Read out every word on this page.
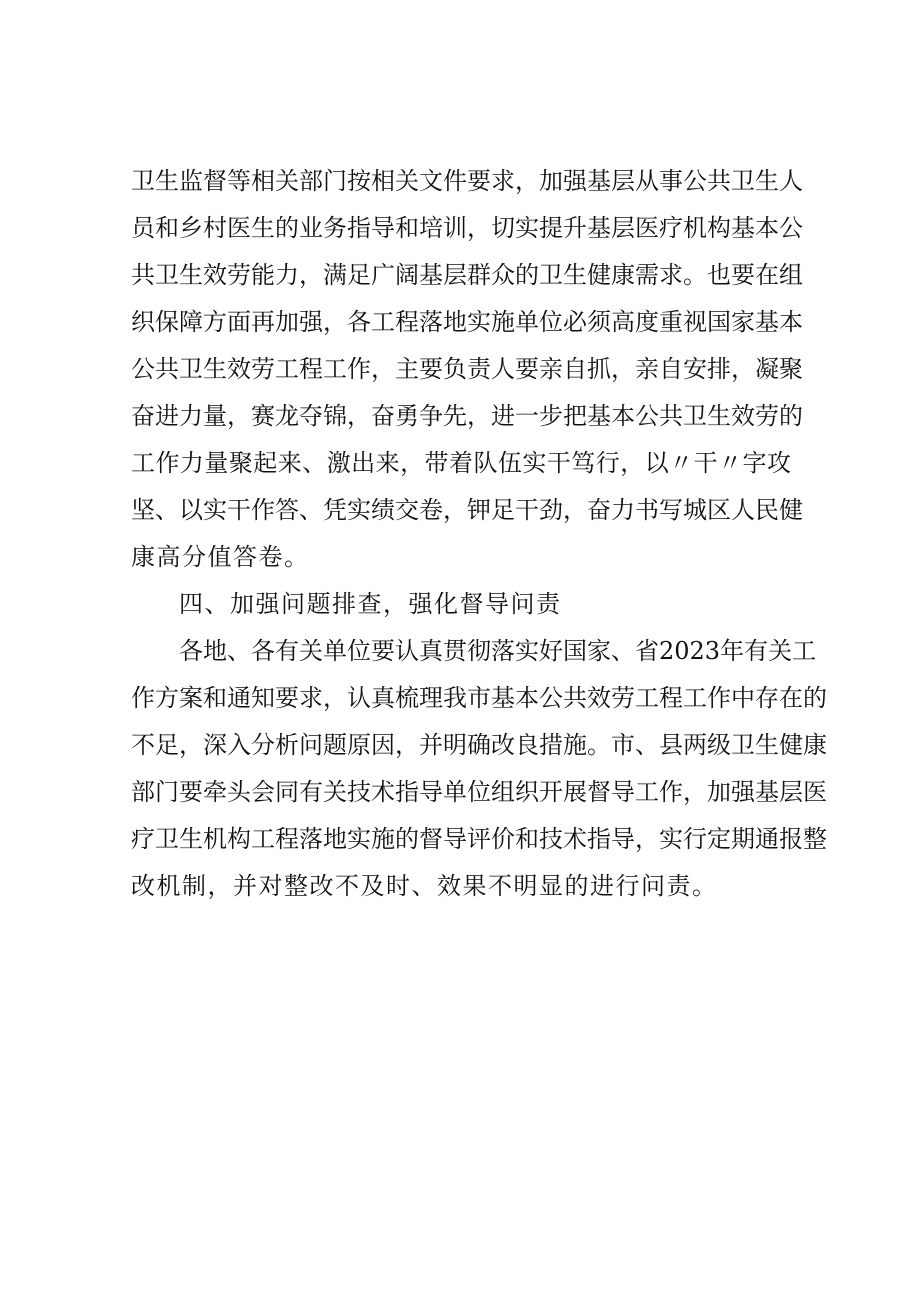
卫生监督等相关部门按相关文件要求，加强基层从事公共卫生人
员和乡村医生的业务指导和培训，切实提升基层医疗机构基本公
共卫生效劳能力，满足广阔基层群众的卫生健康需求。也要在组
织保障方面再加强，各工程落地实施单位必须高度重视国家基本
公共卫生效劳工程工作，主要负责人要亲自抓，亲自安排，凝聚
奋进力量，赛龙夺锦，奋勇争先，进一步把基本公共卫生效劳的
工作力量聚起来、激出来，带着队伍实干笃行，以〃干〃字攻
坚、以实干作答、凭实绩交卷，钾足干劲，奋力书写城区人民健
康高分值答卷。
四、加强问题排查，强化督导问责
各地、各有关单位要认真贯彻落实好国家、省2023年有关工
作方案和通知要求，认真梳理我市基本公共效劳工程工作中存在的
不足，深入分析问题原因，并明确改良措施。市、县两级卫生健康
部门要牵头会同有关技术指导单位组织开展督导工作，加强基层医
疗卫生机构工程落地实施的督导评价和技术指导，实行定期通报整
改机制，并对整改不及时、效果不明显的进行问责。
